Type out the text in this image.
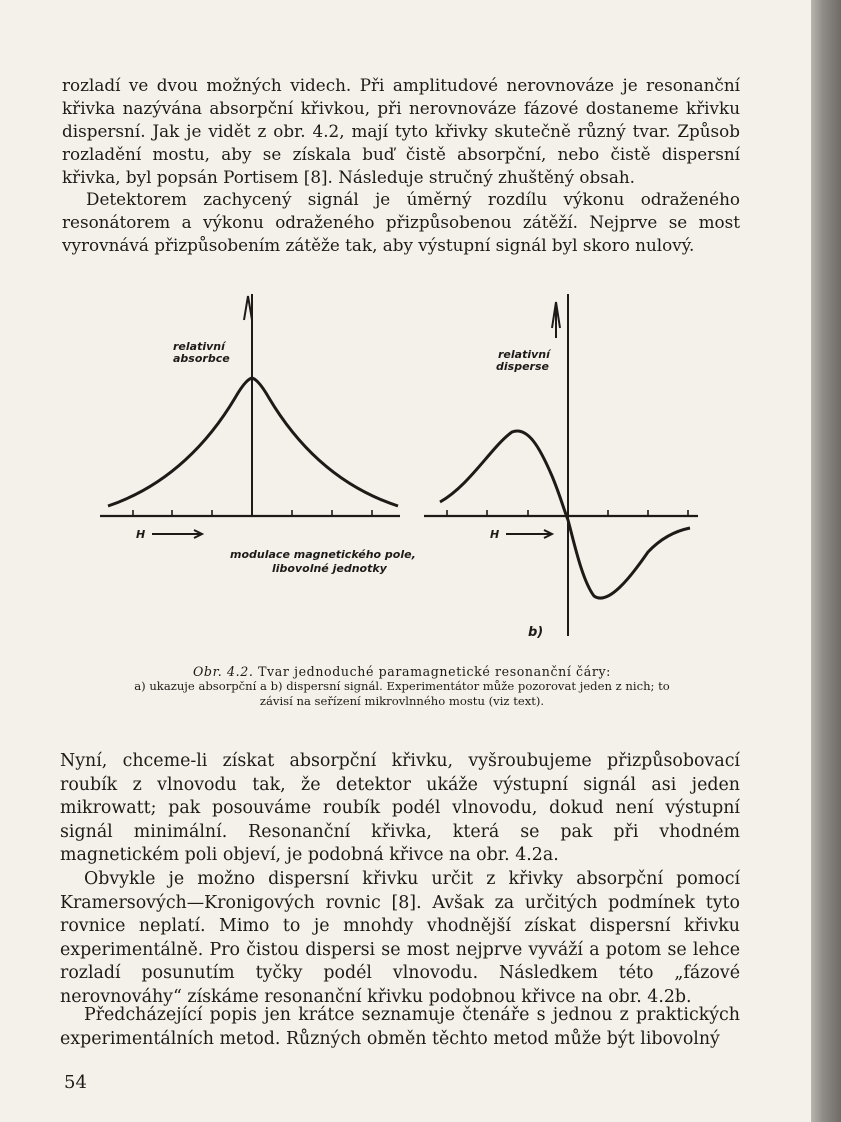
rozladí ve dvou možných videch. Při amplitudové nerovnováze je resonanční křivka nazývána absorpční křivkou, při nerovnováze fázové dostaneme křivku dispersní. Jak je vidět z obr. 4.2, mají tyto křivky skutečně různý tvar. Způsob rozladění mostu, aby se získala buď čistě absorpční, nebo čistě dispersní křivka, byl popsán Portisem [8]. Následuje stručný zhuštěný obsah.

Detektorem zachycený signál je úměrný rozdílu výkonu odraženého resonátorem a výkonu odraženého přizpůsobenou zátěží. Nejprve se most vyrovnává přizpůsobením zátěže tak, aby výstupní signál byl skoro nulový.

relativní
absorbce
H
modulace magnetického pole,
libovolné jednotky
relativní
disperse
H
b)
Obr. 4.2. Tvar jednoduché paramagnetické resonanční čáry:
a) ukazuje absorpční a b) dispersní signál. Experimentátor může pozorovat jeden z nich; to
závisí na seřízení mikrovlnného mostu (viz text).

Nyní, chceme-li získat absorpční křivku, vyšroubujeme přizpůsobovací roubík z vlnovodu tak, že detektor ukáže výstupní signál asi jeden mikrowatt; pak posouváme roubík podél vlnovodu, dokud není výstupní signál minimální. Resonanční křivka, která se pak při vhodném magnetickém poli objeví, je podobná křivce na obr. 4.2a.

Obvykle je možno dispersní křivku určit z křivky absorpční pomocí Kramersových—Kronigových rovnic [8]. Avšak za určitých podmínek tyto rovnice neplatí. Mimo to je mnohdy vhodnější získat dispersní křivku experimentálně. Pro čistou dispersi se most nejprve vyváží a potom se lehce rozladí posunutím tyčky podél vlnovodu. Následkem této „fázové nerovnováhy“ získáme resonanční křivku podobnou křivce na obr. 4.2b.

Předcházející popis jen krátce seznamuje čtenáře s jednou z praktických experimentálních metod. Různých obměn těchto metod může být libovolný

54
